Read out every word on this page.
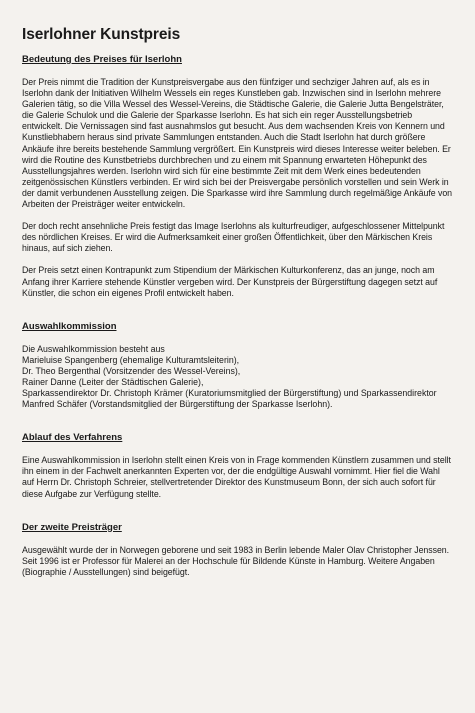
Iserlohner Kunstpreis
Bedeutung des Preises für Iserlohn

Der Preis nimmt die Tradition der Kunstpreisvergabe aus den fünfziger und sechziger Jahren auf, als es in Iserlohn dank der Initiativen Wilhelm Wessels ein reges Kunstleben gab. Inzwischen sind in Iserlohn mehrere Galerien tätig, so die Villa Wessel des Wessel-Vereins, die Städtische Galerie, die Galerie Jutta Bengelsträter, die Galerie Schulok und die Galerie der Sparkasse Iserlohn. Es hat sich ein reger Ausstellungsbetrieb entwickelt. Die Vernissagen sind fast ausnahmslos gut besucht. Aus dem wachsenden Kreis von Kennern und Kunstliebhabern heraus sind private Sammlungen entstanden. Auch die Stadt Iserlohn hat durch größere Ankäufe ihre bereits bestehende Sammlung vergrößert. Ein Kunstpreis wird dieses Interesse weiter beleben. Er wird die Routine des Kunstbetriebs durchbrechen und zu einem mit Spannung erwarteten Höhepunkt des Ausstellungsjahres werden. Iserlohn wird sich für eine bestimmte Zeit mit dem Werk eines bedeutenden zeitgenössischen Künstlers verbinden. Er wird sich bei der Preisvergabe persönlich vorstellen und sein Werk in der damit verbundenen Ausstellung zeigen. Die Sparkasse wird ihre Sammlung durch regelmäßige Ankäufe von Arbeiten der Preisträger weiter entwickeln.

Der doch recht ansehnliche Preis festigt das Image Iserlohns als kulturfreudiger, aufgeschlossener Mittelpunkt des nördlichen Kreises. Er wird die Aufmerksamkeit einer großen Öffentlichkeit, über den Märkischen Kreis hinaus, auf sich ziehen.

Der Preis setzt einen Kontrapunkt zum Stipendium der Märkischen Kulturkonferenz, das an junge, noch am Anfang ihrer Karriere stehende Künstler vergeben wird. Der Kunstpreis der Bürgerstiftung dagegen setzt auf Künstler, die schon ein eigenes Profil entwickelt haben.

Auswahlkommission
Die Auswahlkommission besteht aus
Marieluise Spangenberg (ehemalige Kulturamtsleiterin),
Dr. Theo Bergenthal (Vorsitzender des Wessel-Vereins),
Rainer Danne (Leiter der Städtischen Galerie),
Sparkassendirektor Dr. Christoph Krämer (Kuratoriumsmitglied der Bürgerstiftung) und Sparkassendirektor Manfred Schäfer (Vorstandsmitglied der Bürgerstiftung der Sparkasse Iserlohn).
Ablauf des Verfahrens

Eine Auswahlkommission in Iserlohn stellt einen Kreis von in Frage kommenden Künstlern zusammen und stellt ihn einem in der Fachwelt anerkannten Experten vor, der die endgültige Auswahl vornimmt. Hier fiel die Wahl auf Herrn Dr. Christoph Schreier, stellvertretender Direktor des Kunstmuseum Bonn, der sich auch sofort für diese Aufgabe zur Verfügung stellte.

Der zweite Preisträger

Ausgewählt wurde der in Norwegen geborene und seit 1983 in Berlin lebende Maler Olav Christopher Jenssen. Seit 1996 ist er Professor für Malerei an der Hochschule für Bildende Künste in Hamburg. Weitere Angaben (Biographie / Ausstellungen) sind beigefügt.
